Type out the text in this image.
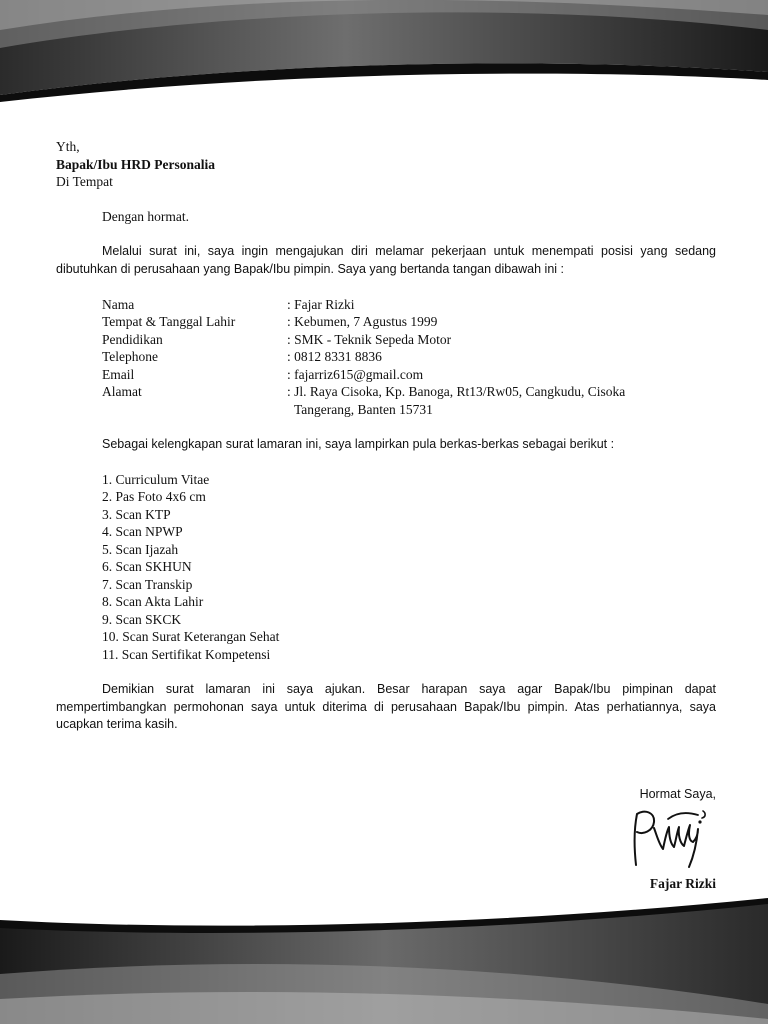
Yth,
Bapak/Ibu HRD Personalia
Di Tempat
Dengan hormat.
Melalui surat ini, saya ingin mengajukan diri melamar pekerjaan untuk menempati posisi yang sedang dibutuhkan di perusahaan yang Bapak/Ibu pimpin. Saya yang bertanda tangan dibawah ini :
Nama	: Fajar Rizki
Tempat & Tanggal Lahir	: Kebumen, 7 Agustus 1999
Pendidikan	: SMK - Teknik Sepeda Motor
Telephone	: 0812 8331 8836
Email	: fajarriz615@gmail.com
Alamat	: Jl. Raya Cisoka, Kp. Banoga, Rt13/Rw05, Cangkudu, Cisoka
Tangerang, Banten 15731
Sebagai kelengkapan surat lamaran ini, saya lampirkan pula berkas-berkas sebagai berikut :
1. Curriculum Vitae
2. Pas Foto 4x6 cm
3. Scan KTP
4. Scan NPWP
5. Scan Ijazah
6. Scan SKHUN
7. Scan Transkip
8. Scan Akta Lahir
9. Scan SKCK
10. Scan Surat Keterangan Sehat
11. Scan Sertifikat Kompetensi
Demikian surat lamaran ini saya ajukan. Besar harapan saya agar Bapak/Ibu pimpinan dapat mempertimbangkan permohonan saya untuk diterima di perusahaan Bapak/Ibu pimpin. Atas perhatiannya, saya ucapkan terima kasih.
Hormat Saya,
Fajar Rizki
